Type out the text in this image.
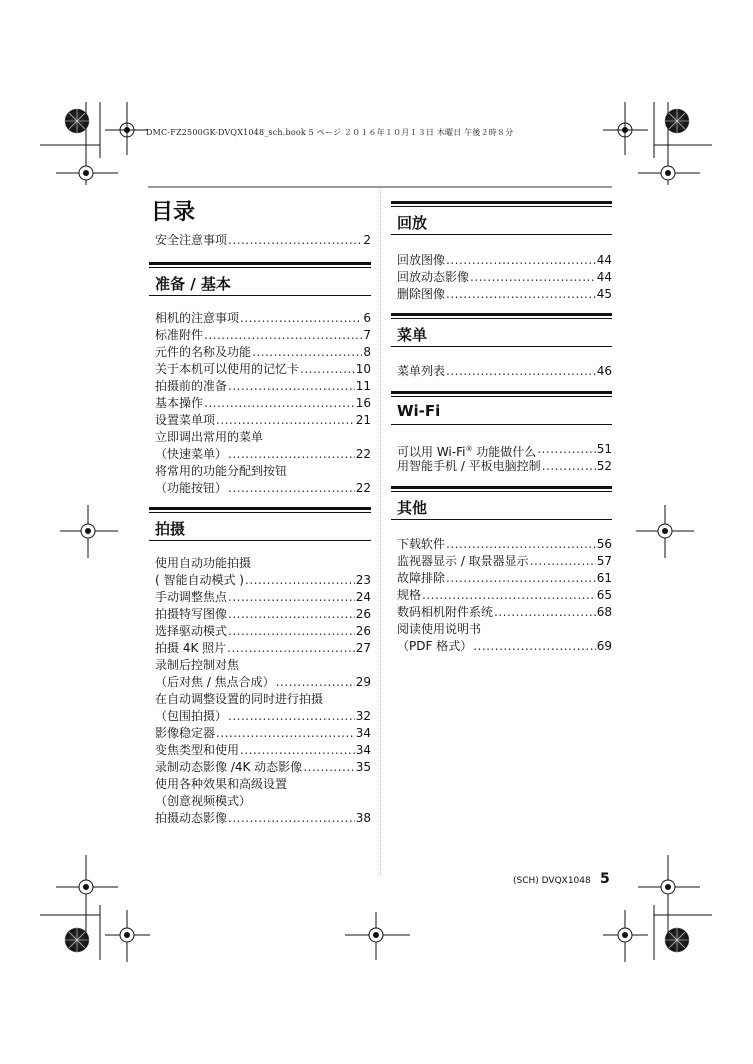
DMC-FZ2500GK-DVQX1048_sch.book 5 ページ ２０１６年１０月１３日 木曜日 午後２時８分
目录
安全注意事项 .....	2
准备 / 基本
相机的注意事项 .....	6
标准附件 .....	7
元件的名称及功能 .....	8
关于本机可以使用的记忆卡 .....	10
拍摄前的准备 .....	11
基本操作 .....	16
设置菜单项 .....	21
立即调出常用的菜单
（快速菜单） .....	22
将常用的功能分配到按钮
（功能按钮） .....	22
拍摄
使用自动功能拍摄
( 智能自动模式 ) .....	23
手动调整焦点 .....	24
拍摄特写图像 .....	26
选择驱动模式 .....	26
拍摄 4K 照片 .....	27
录制后控制对焦
（后对焦 / 焦点合成） .....	29
在自动调整设置的同时进行拍摄
（包围拍摄） .....	32
影像稳定器 .....	34
变焦类型和使用 .....	34
录制动态影像 /4K 动态影像 .....	35
使用各种效果和高级设置
（创意视频模式）
拍摄动态影像 .....	38
回放
回放图像 .....	44
回放动态影像 .....	44
删除图像 .....	45
菜单
菜单列表 .....	46
Wi-Fi
可以用 Wi-Fi® 功能做什么 .....	51
用智能手机 / 平板电脑控制 .....	52
其他
下载软件 .....	56
监视器显示 / 取景器显示 .....	57
故障排除 .....	61
规格 .....	65
数码相机附件系统 .....	68
阅读使用说明书
（PDF 格式） .....	69
(SCH) DVQX1048 5
